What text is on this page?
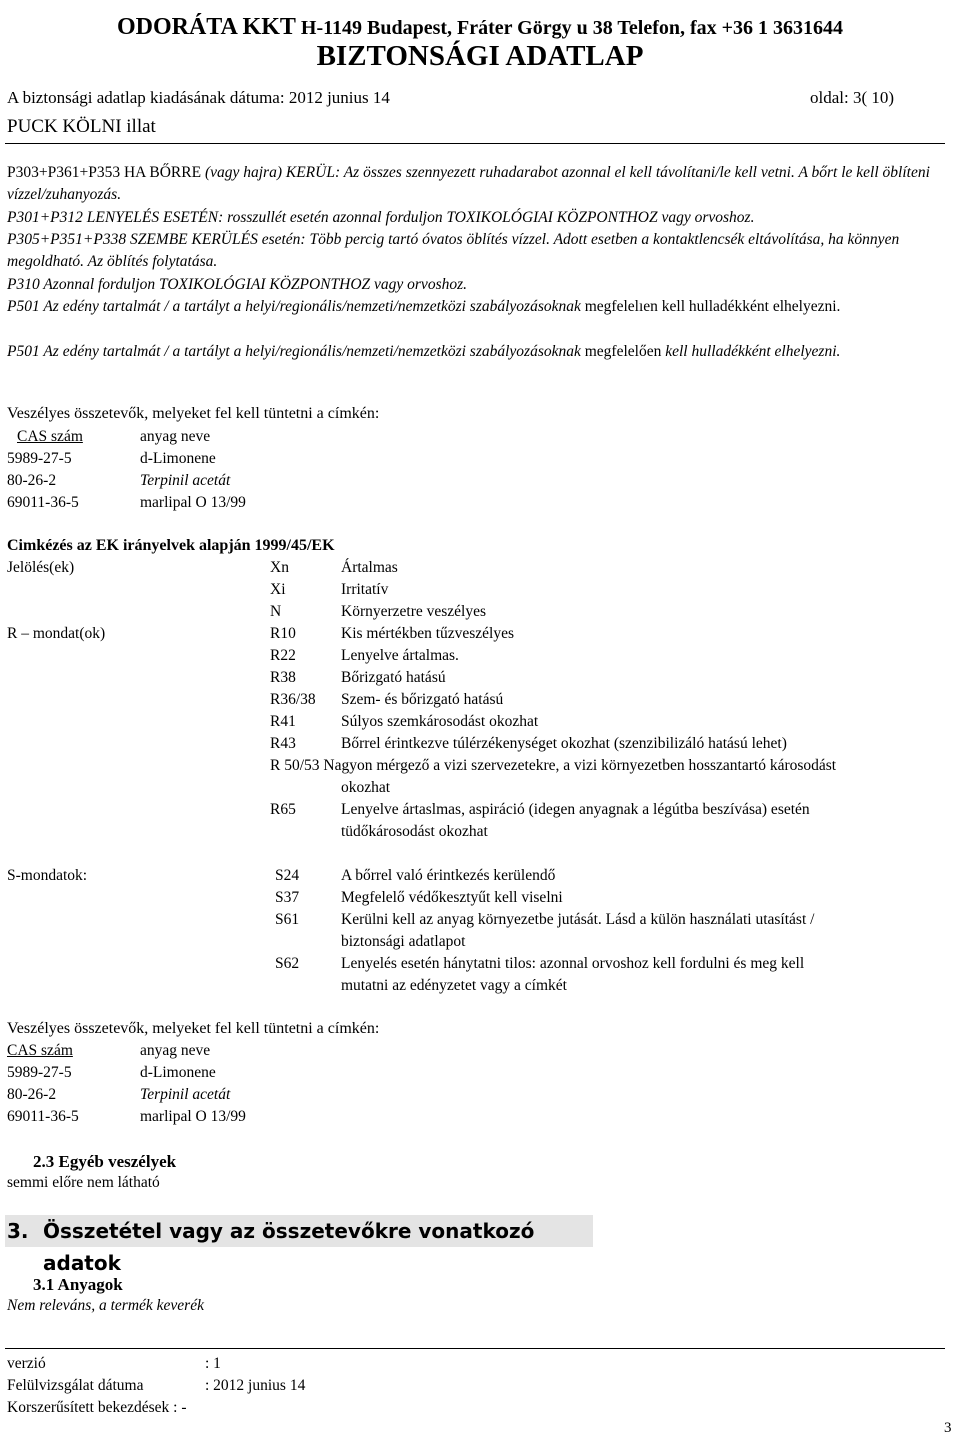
ODORÁTA KKT H-1149 Budapest, Fráter Görgy u 38 Telefon, fax +36 1 3631644
BIZTONSÁGI ADATLAP
A biztonsági adatlap kiadásának dátuma: 2012 junius 14	oldal: 3( 10)
PUCK KÖLNI illat
P303+P361+P353 HA BŐRRE (vagy hajra) KERÜL: Az összes szennyezett ruhadarabot azonnal el kell távolítani/le kell vetni. A bőrt le kell öblíteni vízzel/zuhanyozás.
P301+P312 LENYELÉS ESETÉN: rosszullét esetén azonnal forduljon TOXIKOLÓGIAI KÖZPONTHOZ vagy orvoshoz.
P305+P351+P338 SZEMBE KERÜLÉS esetén: Több percig tartó óvatos öblítés vízzel. Adott esetben a kontaktlencsék eltávolítása, ha könnyen megoldható. Az öblítés folytatása.
P310 Azonnal forduljon TOXIKOLÓGIAI KÖZPONTHOZ vagy orvoshoz.
P501 Az edény tartalmát / a tartályt a helyi/regionális/nemzeti/nemzetközi szabályozásoknak megfelelıen kell hulladékként elhelyezni.
P501 Az edény tartalmát / a tartályt a helyi/regionális/nemzeti/nemzetközi szabályozásoknak megfelelően kell hulladékként elhelyezni.
Veszélyes összetevők, melyeket fel kell tüntetni a címkén:
CAS szám	anyag neve
5989-27-5	d-Limonene
80-26-2	Terpinil acetát
69011-36-5	marlipal O 13/99
Cimkézés az EK irányelvek alapján 1999/45/EK
Jelölés(ek)	Xn	Ártalmas
Xi	Irritatív
N	Környerzetre veszélyes
R – mondat(ok)	R10	Kis mértékben tűzveszélyes
R22	Lenyelve ártalmas.
R38	Bőrizgató hatású
R36/38 Szem- és bőrizgató hatású
R41	Súlyos szemkárosodást okozhat
R43	Bőrrel érintkezve túlérzékenységet okozhat (szenzibilizáló hatású lehet)
R 50/53 Nagyon mérgező a vizi szervezetekre, a vizi környezetben hosszantartó károsodást
okozhat
R65	Lenyelve ártaslmas, aspiráció (idegen anyagnak a légútba beszívása) esetén
tüdőkárosodást okozhat
S-mondatok:	S24	A bőrrel való érintkezés kerülendő
S37	Megfelelő védőkesztyűt kell viselni
S61	Kerülni kell az anyag környezetbe jutását. Lásd a külön használati utasítást /
biztonsági adatlapot
S62	Lenyelés esetén hánytatni tilos: azonnal orvoshoz kell fordulni és meg kell
mutatni az edényzetet vagy a címkét
Veszélyes összetevők, melyeket fel kell tüntetni a címkén:
CAS szám	anyag neve
5989-27-5	d-Limonene
80-26-2	Terpinil acetát
69011-36-5	marlipal O 13/99
2.3 Egyéb veszélyek
semmi előre nem látható
3. Összetétel vagy az összetevőkre vonatkozó adatok
3.1 Anyagok
Nem releváns, a termék keverék
verzió	: 1
Felülvizsgálat dátuma	: 2012 junius 14
Korszerűsített bekezdések : -
3
